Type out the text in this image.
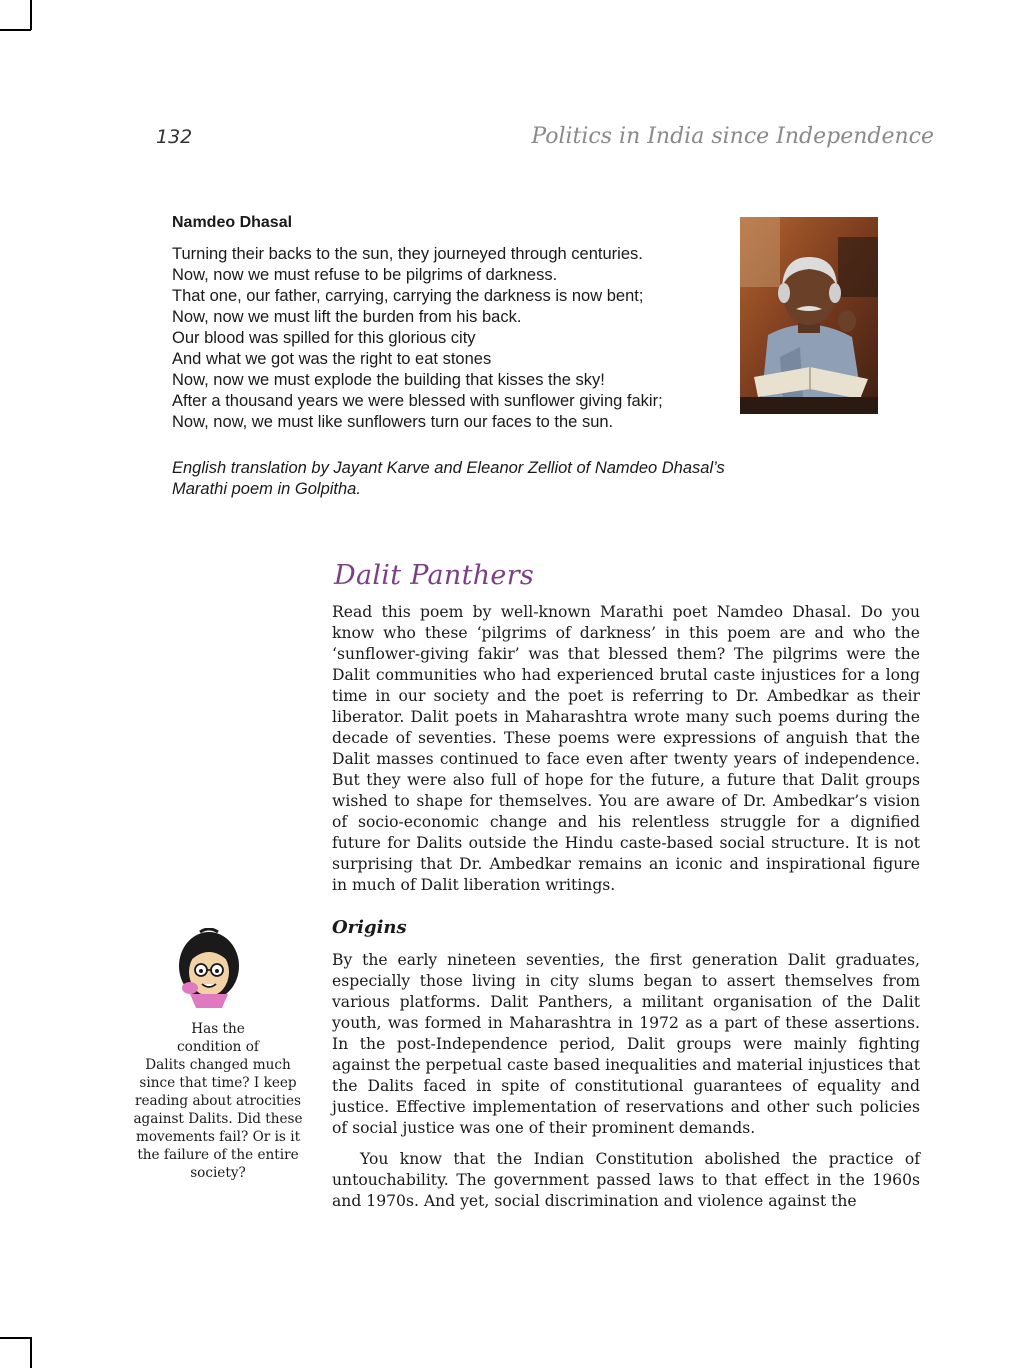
132	Politics in India since Independence
Namdeo Dhasal
Turning their backs to the sun, they journeyed through centuries.
Now, now we must refuse to be pilgrims of darkness.
That one, our father, carrying, carrying the darkness is now bent;
Now, now we must lift the burden from his back.
Our blood was spilled for this glorious city
And what we got was the right to eat stones
Now, now we must explode the building that kisses the sky!
After a thousand years we were blessed with sunflower giving fakir;
Now, now, we must like sunflowers turn our faces to the sun.
English translation by Jayant Karve and Eleanor Zelliot of Namdeo Dhasal’s
Marathi poem in Golpitha.
Dalit Panthers

Read this poem by well-known Marathi poet Namdeo Dhasal. Do you know who these ‘pilgrims of darkness’ in this poem are and who the ‘sunflower-giving fakir’ was that blessed them? The pilgrims were the Dalit communities who had experienced brutal caste injustices for a long time in our society and the poet is referring to Dr. Ambedkar as their liberator. Dalit poets in Maharashtra wrote many such poems during the decade of seventies. These poems were expressions of anguish that the Dalit masses continued to face even after twenty years of independence. But they were also full of hope for the future, a future that Dalit groups wished to shape for themselves. You are aware of Dr. Ambedkar’s vision of socio-economic change and his relentless struggle for a dignified future for Dalits outside the Hindu caste-based social structure. It is not surprising that Dr. Ambedkar remains an iconic and inspirational figure in much of Dalit liberation writings.

Origins

By the early nineteen seventies, the first generation Dalit graduates, especially those living in city slums began to assert themselves from various platforms. Dalit Panthers, a militant organisation of the Dalit youth, was formed in Maharashtra in 1972 as a part of these assertions. In the post-Independence period, Dalit groups were mainly fighting against the perpetual caste based inequalities and material injustices that the Dalits faced in spite of constitutional guarantees of equality and justice. Effective implementation of reservations and other such policies of social justice was one of their prominent demands.

You know that the Indian Constitution abolished the practice of untouchability. The government passed laws to that effect in the 1960s and 1970s. And yet, social discrimination and violence against the

Has the
condition of
Dalits changed much
since that time? I keep
reading about atrocities
against Dalits. Did these
movements fail? Or is it
the failure of the entire
society?
